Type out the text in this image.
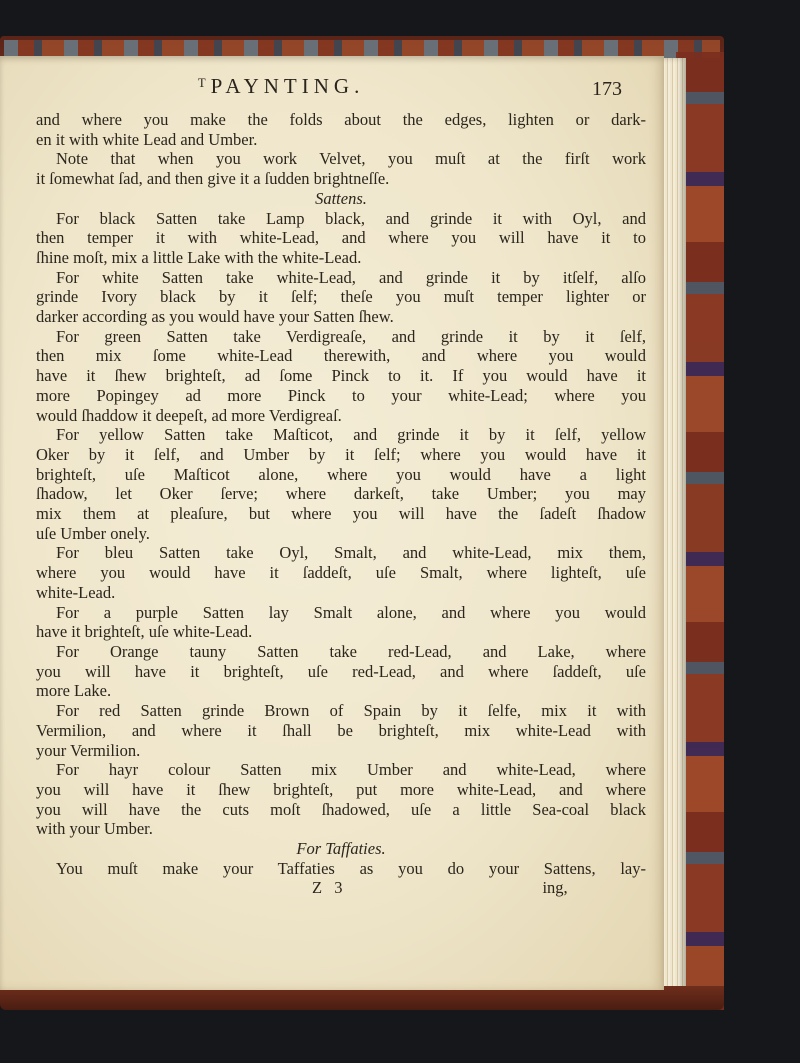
ᵀPAYNTING.	173
and where you make the folds about the edges, lighten or dark-
en it with white Lead and Umber.
Note that when you work Velvet, you muſt at the firſt work
it ſomewhat ſad, and then give it a ſudden brightneſſe.
Sattens.
For black Satten take Lamp black, and grinde it with Oyl, and
then temper it with white-Lead, and where you will have it to
ſhine moſt, mix a little Lake with the white-Lead.
For white Satten take white-Lead, and grinde it by itſelf, alſo
grinde Ivory black by it ſelf; theſe you muſt temper lighter or
darker according as you would have your Satten ſhew.
For green Satten take Verdigreaſe, and grinde it by it ſelf,
then mix ſome white-Lead therewith, and where you would
have it ſhew brighteſt, ad ſome Pinck to it. If you would have it
more Popingey ad more Pinck to your white-Lead; where you
would ſhaddow it deepeſt, ad more Verdigreaſ.
For yellow Satten take Maſticot, and grinde it by it ſelf, yellow
Oker by it ſelf, and Umber by it ſelf; where you would have it
brighteſt, uſe Maſticot alone, where you would have a light
ſhadow, let Oker ſerve; where darkeſt, take Umber; you may
mix them at pleaſure, but where you will have the ſadeſt ſhadow
uſe Umber onely.
For bleu Satten take Oyl, Smalt, and white-Lead, mix them,
where you would have it ſaddeſt, uſe Smalt, where lighteſt, uſe
white-Lead.
For a purple Satten lay Smalt alone, and where you would
have it brighteſt, uſe white-Lead.
For Orange tauny Satten take red-Lead, and Lake, where
you will have it brighteſt, uſe red-Lead, and where ſaddeſt, uſe
more Lake.
For red Satten grinde Brown of Spain by it ſelfe, mix it with
Vermilion, and where it ſhall be brighteſt, mix white-Lead with
your Vermilion.
For hayr colour Satten mix Umber and white-Lead, where
you will have it ſhew brighteſt, put more white-Lead, and where
you will have the cuts moſt ſhadowed, uſe a little Sea-coal black
with your Umber.
For Taffaties.
You muſt make your Taffaties as you do your Sattens, lay-
Z 3	ing,
